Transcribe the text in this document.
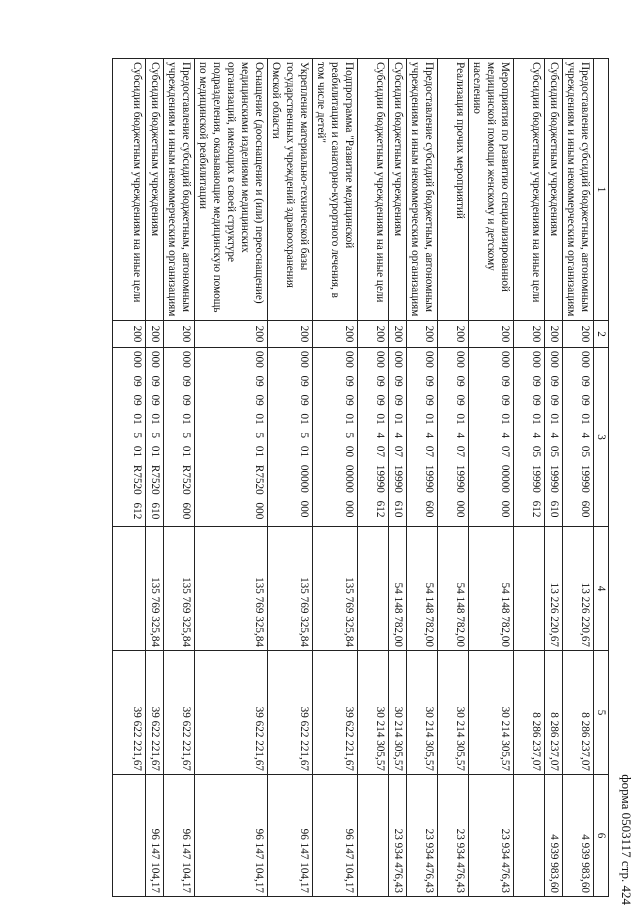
форма 0503117 стр. 424
1	2	3	4	5	6
Предоставление субсидий бюджетным, автономным учреждениям и иным некоммерческим организациям	200	000 09 09 01 4 05 19990 600	13 226 220,67	8 286 237,07	4 939 983,60
Субсидии бюджетным учреждениям	200	000 09 09 01 4 05 19990 610	13 226 220,67	8 286 237,07	4 939 983,60
Субсидии бюджетным учреждениям на иные цели	200	000 09 09 01 4 05 19990 612		8 286 237,07	
Мероприятия по развитию специализированной медицинской помощи женскому и детскому населению	200	000 09 09 01 4 07 00000 000	54 148 782,00	30 214 305,57	23 934 476,43
Реализация прочих мероприятий	200	000 09 09 01 4 07 19990 000	54 148 782,00	30 214 305,57	23 934 476,43
Предоставление субсидий бюджетным, автономным учреждениям и иным некоммерческим организациям	200	000 09 09 01 4 07 19990 600	54 148 782,00	30 214 305,57	23 934 476,43
Субсидии бюджетным учреждениям	200	000 09 09 01 4 07 19990 610	54 148 782,00	30 214 305,57	23 934 476,43
Субсидии бюджетным учреждениям на иные цели	200	000 09 09 01 4 07 19990 612		30 214 305,57	
Подпрограмма "Развитие медицинской реабилитации и санаторно-курортного лечения, в том числе детей"	200	000 09 09 01 5 00 00000 000	135 769 325,84	39 622 221,67	96 147 104,17
Укрепление материально-технической базы государственных учреждений здравоохранения Омской области	200	000 09 09 01 5 01 00000 000	135 769 325,84	39 622 221,67	96 147 104,17
Оснащение (дооснащение и (или) переоснащение) медицинскими изделиями медицинских организаций, имеющих в своей структуре подразделения, оказывающие медицинскую помощь по медицинской реабилитации	200	000 09 09 01 5 01 R7520 000	135 769 325,84	39 622 221,67	96 147 104,17
Предоставление субсидий бюджетным, автономным учреждениям и иным некоммерческим организациям	200	000 09 09 01 5 01 R7520 600	135 769 325,84	39 622 221,67	96 147 104,17
Субсидии бюджетным учреждениям	200	000 09 09 01 5 01 R7520 610	135 769 325,84	39 622 221,67	96 147 104,17
Субсидии бюджетным учреждениям на иные цели	200	000 09 09 01 5 01 R7520 612		39 622 221,67	
